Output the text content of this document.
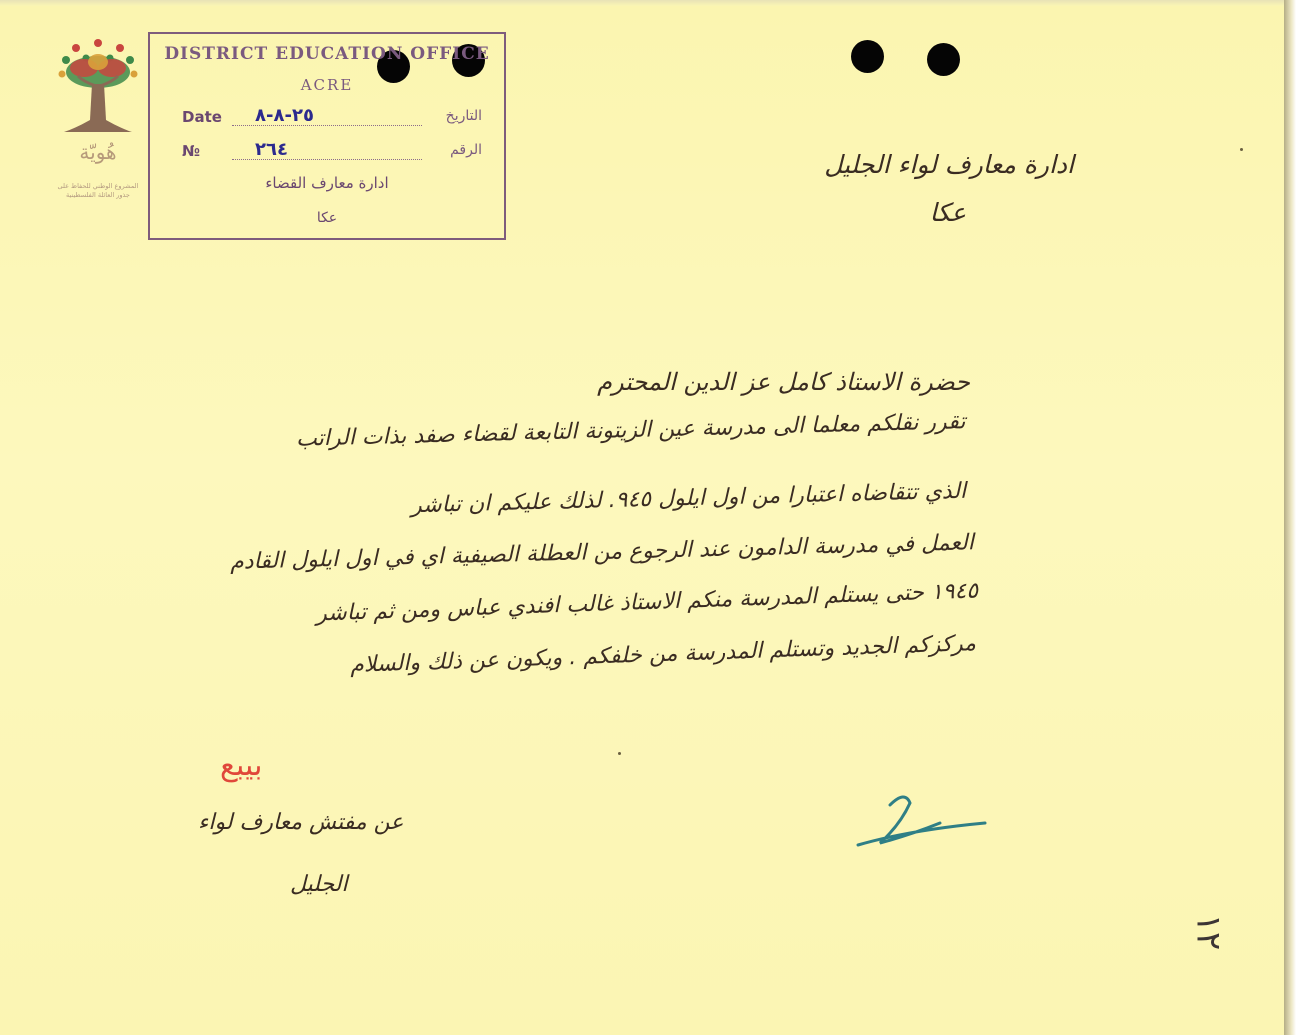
هُويّة
المشروع الوطني للحفاظ على
جذور العائلة الفلسطينية
DISTRICT EDUCATION OFFICE
ACRE
Date ٢٥-٨-٨	التاريخ
№	٢٦٤	الرقم
ادارة معارف القضاء
عكا
ادارة معارف لواء الجليل
عكا
حضرة الاستاذ كامل عز الدين المحترم
تقرر نقلكم معلما الى مدرسة عين الزيتونة التابعة لقضاء صفد بذات الراتب
الذي تتقاضاه اعتبارا من اول ايلول ٩٤٥. لذلك عليكم ان تباشر
العمل في مدرسة الدامون عند الرجوع من العطلة الصيفية اي في اول ايلول القادم
١٩٤٥ حتى يستلم المدرسة منكم الاستاذ غالب افندي عباس ومن ثم تباشر
مركزكم الجديد وتستلم المدرسة من خلفكم . ويكون عن ذلك والسلام
بيبع
عن مفتش معارف لواء
الجليل
١٢
